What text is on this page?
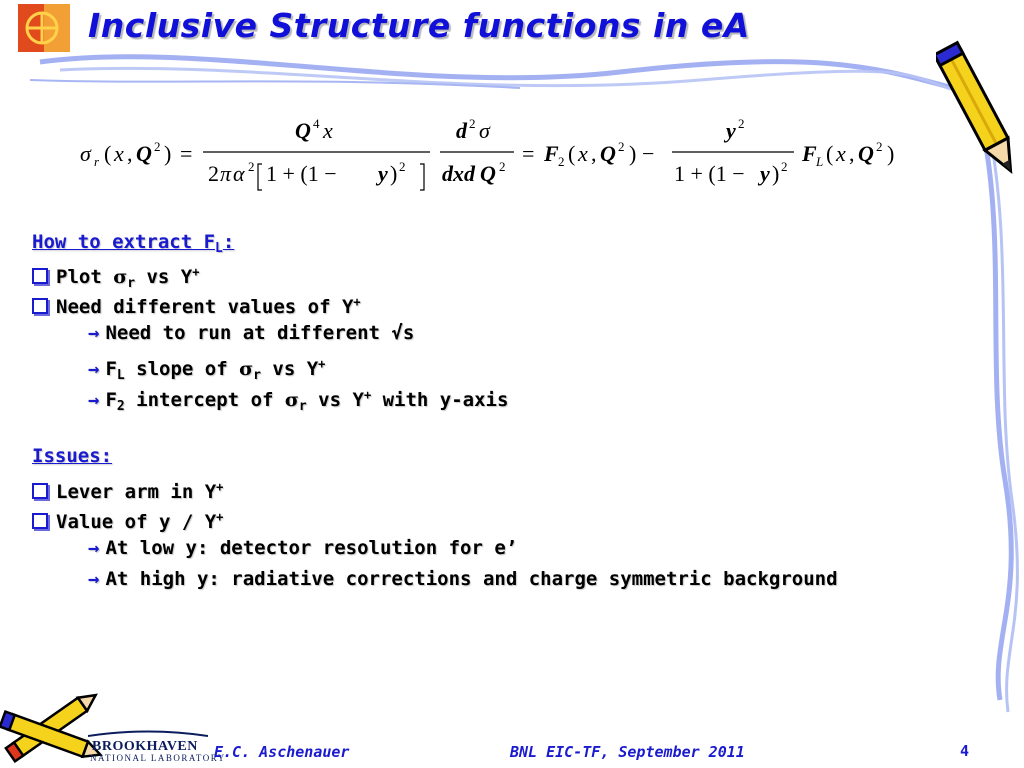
Inclusive Structure functions in eA
σ r ( x , Q 2 ) =
Q 4 x
2 π α 2 1 + (1 − y ) 2
d 2 σ
dxd Q 2
= F 2 ( x , Q 2 ) −
y 2
1 + (1 − y ) 2
F L ( x , Q 2 )
How to extract $F_L$:
Plot $\sigma_r$ vs Y+
Need different values of Y+
→ Need to run at different √s
→ $F_L$ slope of $\sigma_r$ vs Y+
→ $F_2$ intercept of $\sigma_r$ vs Y+ with y-axis
Issues:
Lever arm in Y+
Value of y / Y+
→ At low y: detector resolution for e’
→ At high y: radiative corrections and charge symmetric background
BROOKHAVEN
NATIONAL LABORATORY
E.C. Aschenauer	BNL EIC-TF, September 2011	4
